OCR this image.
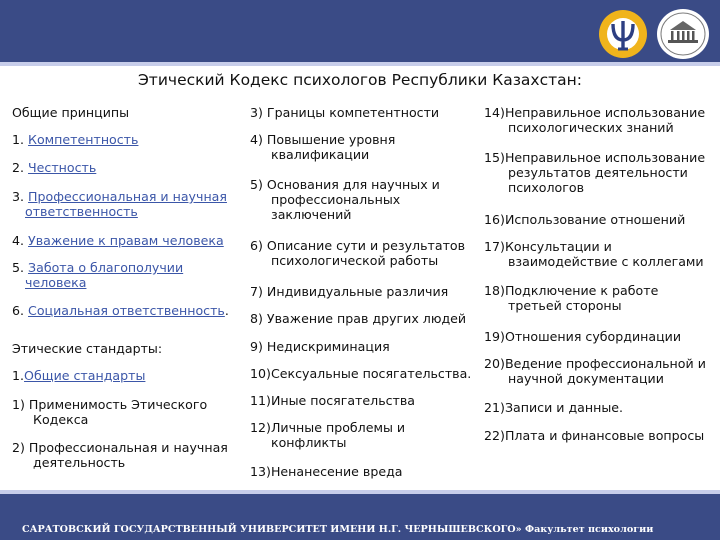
Этический Кодекс психологов Республики Казахстан:
Общие принципы
1. Компетентность
2. Честность
3. Профессиональная и научная
ответственность
4. Уважение к правам человека
5. Забота о благополучии
человека
6. Социальная ответственность.
Этические стандарты:
1.Общие стандарты
1) Применимость Этического
Кодекса
2) Профессиональная и научная
деятельность
3) Границы компетентности
4) Повышение уровня
квалификации
5) Основания для научных и
профессиональных
заключений
6) Описание сути и результатов
психологической работы
7) Индивидуальные различия
8) Уважение прав других людей
9) Недискриминация
10)Сексуальные посягательства.
11)Иные посягательства
12)Личные проблемы и
конфликты
13)Ненанесение вреда
14)Неправильное использование
психологических знаний
15)Неправильное использование
результатов деятельности
психологов
16)Использование отношений
17)Консультации и
взаимодействие с коллегами
18)Подключение к работе
третьей стороны
19)Отношения субординации
20)Ведение профессиональной и
научной документации
21)Записи и данные.
22)Плата и финансовые вопросы
САРАТОВСКИЙ ГОСУДАРСТВЕННЫЙ УНИВЕРСИТЕТ ИМЕНИ Н.Г. ЧЕРНЫШЕВСКОГО» Факультет психологии
